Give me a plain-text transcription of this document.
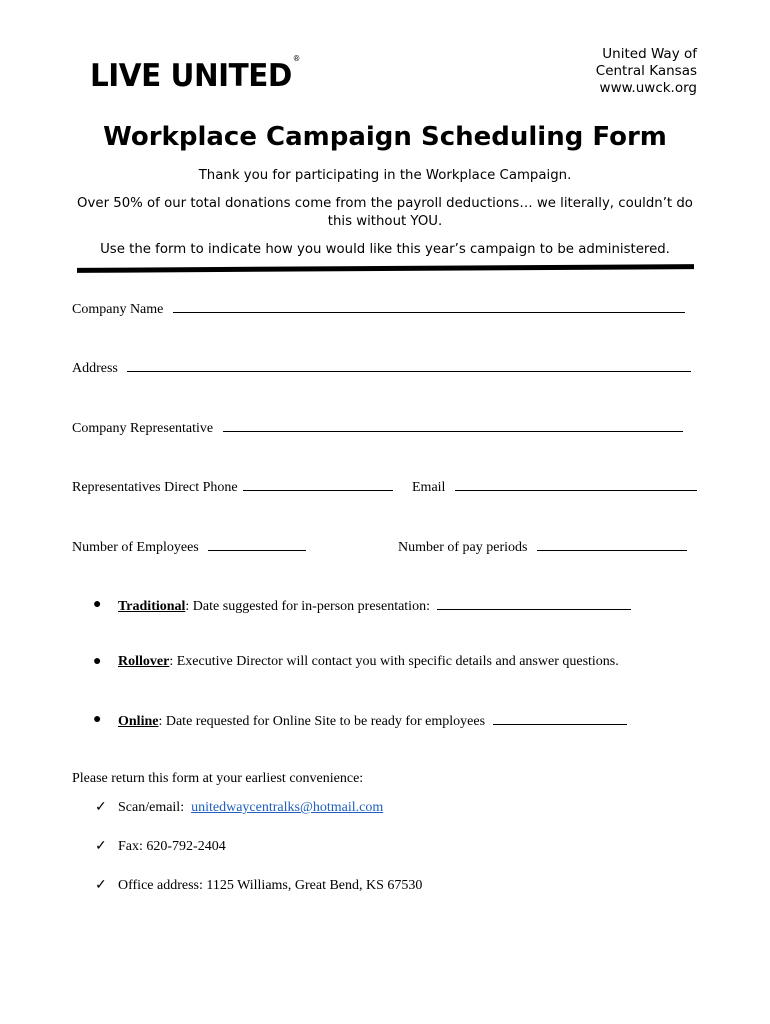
LIVE UNITED®	United Way of
Central Kansas
www.uwck.org
Workplace Campaign Scheduling Form
Thank you for participating in the Workplace Campaign.
Over 50% of our total donations come from the payroll deductions… we literally, couldn’t do this without YOU.
Use the form to indicate how you would like this year’s campaign to be administered.
Company Name
Address
Company Representative
Representatives Direct Phone	Email
Number of Employees	Number of pay periods
● Traditional: Date suggested for in-person presentation:
● Rollover: Executive Director will contact you with specific details and answer questions.
● Online: Date requested for Online Site to be ready for employees
Please return this form at your earliest convenience:
✓ Scan/email: unitedwaycentralks@hotmail.com
✓ Fax: 620-792-2404
✓ Office address: 1125 Williams, Great Bend, KS 67530
